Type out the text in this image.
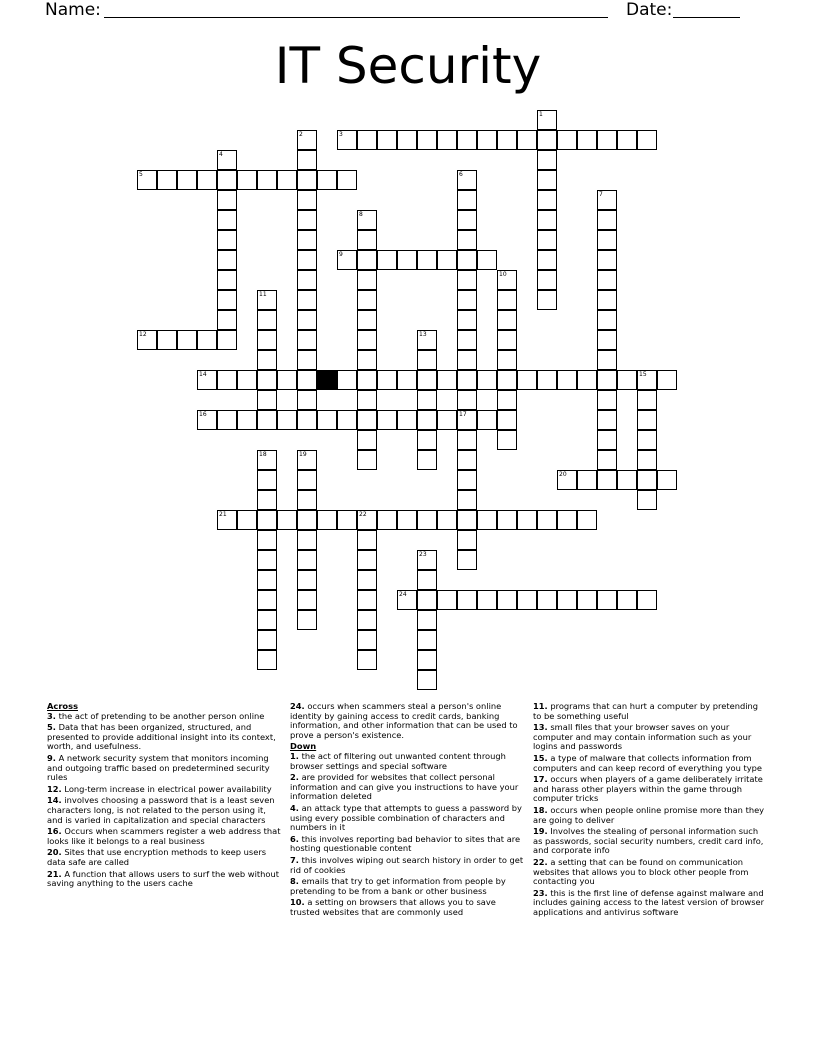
Name:	Date:
IT Security
1
2	3
4
5	6
17
7
8
9
10
11
12	13
14	15
16
18	19
20
21	22
23
24
Across
3. the act of pretending to be another person online
5. Data that has been organized, structured, and presented to provide additional insight into its context, worth, and usefulness.
9. A network security system that monitors incoming and outgoing traffic based on predetermined security rules
12. Long-term increase in electrical power availability
14. involves choosing a password that is a least seven characters long, is not related to the person using it, and is varied in capitalization and special characters
16. Occurs when scammers register a web address that looks like it belongs to a real business
20. Sites that use encryption methods to keep users data safe are called
21. A function that allows users to surf the web without saving anything to the users cache
24. occurs when scammers steal a person's online identity by gaining access to credit cards, banking information, and other information that can be used to prove a person's existence.
Down
1. the act of filtering out unwanted content through browser settings and special software
2. are provided for websites that collect personal information and can give you instructions to have your information deleted
4. an attack type that attempts to guess a password by using every possible combination of characters and numbers in it
6. this involves reporting bad behavior to sites that are hosting questionable content
7. this involves wiping out search history in order to get rid of cookies
8. emails that try to get information from people by pretending to be from a bank or other business
10. a setting on browsers that allows you to save trusted websites that are commonly used
11. programs that can hurt a computer by pretending to be something useful
13. small files that your browser saves on your computer and may contain information such as your logins and passwords
15. a type of malware that collects information from computers and can keep record of everything you type
17. occurs when players of a game deliberately irritate and harass other players within the game through computer tricks
18. occurs when people online promise more than they are going to deliver
19. Involves the stealing of personal information such as passwords, social security numbers, credit card info, and corporate info
22. a setting that can be found on communication websites that allows you to block other people from contacting you
23. this is the first line of defense against malware and includes gaining access to the latest version of browser applications and antivirus software
